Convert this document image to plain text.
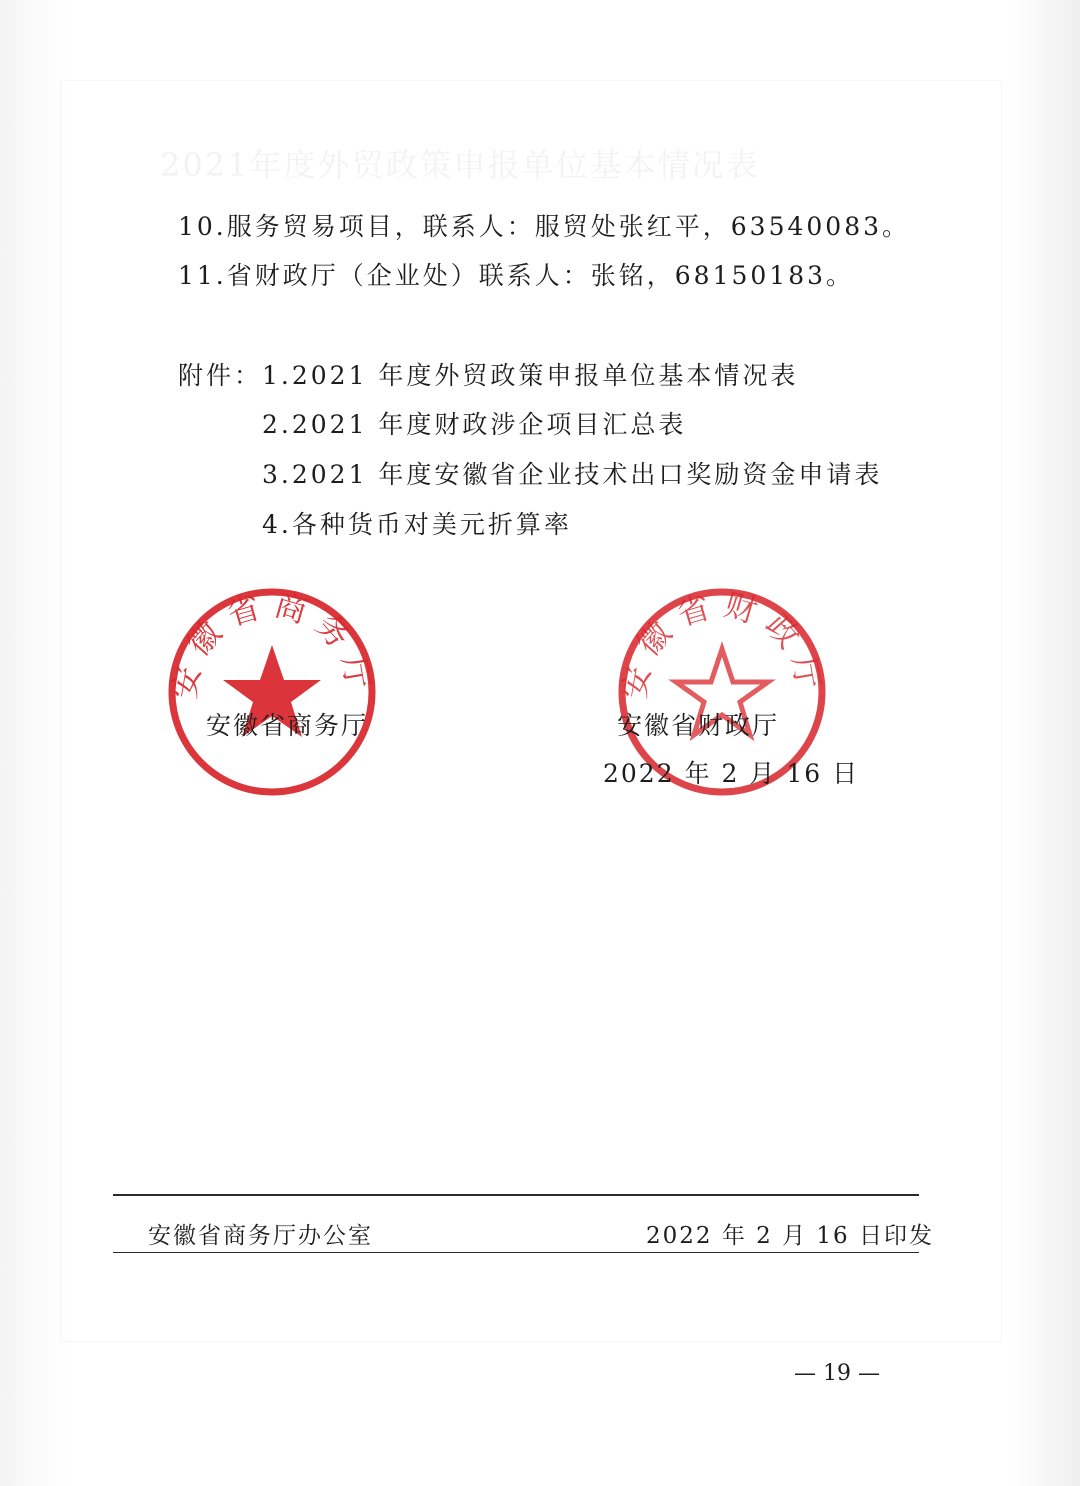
2021年度外贸政策申报单位基本情况表
10.服务贸易项目，联系人：服贸处张红平，63540083。
11.省财政厅（企业处）联系人：张铭，68150183。
附件： 1.2021 年度外贸政策申报单位基本情况表
2.2021 年度财政涉企项目汇总表
3.2021 年度安徽省企业技术出口奖励资金申请表
4.各种货币对美元折算率
安徽省商务厅	安徽省财政厅
安徽省商务厅	安徽省财政厅
2022 年 2 月 16 日
安徽省商务厅办公室	2022 年 2 月 16 日印发
— 19 —
